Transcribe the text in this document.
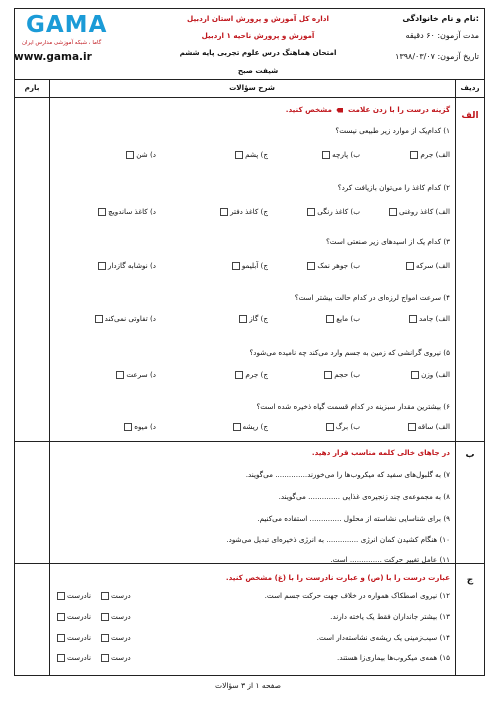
GAMA
گاما ، شبکه آموزشی مدارس ایران
www.gama.ir
اداره کل آموزش و پرورش استان اردبیل
آموزش و پرورش ناحیه ۱ اردبیل
امتحان هماهنگ درس علوم تجربی پایه ششم
شیفت صبح
نام و نام خانوادگی:
مدت آزمون: ۶۰ دقیقه
تاریخ آزمون: ۱۳۹۸/۰۳/۰۷
ردیف
شرح سؤالات
بارم
الف
گزینه درست را با زدن علامت  مشخص کنید.
۱) کدام‌یک از موارد زیر طبیعی نیست؟
الف) جرم
ب) پارچه
ج) پشم
د) شن
۲) کدام کاغذ را می‌توان بازیافت کرد؟
الف) کاغذ روغنی
ب) کاغذ رنگی
ج) کاغذ دفتر
د) کاغذ ساندویچ
۳) کدام یک از اسیدهای زیر صنعتی است؟
الف) سرکه
ب) جوهر نمک
ج) آبلیمو
د) نوشابه گازدار
۴) سرعت امواج لرزه‌ای در کدام حالت بیشتر است؟
الف) جامد
ب) مایع
ج) گاز
د) تفاوتی نمی‌کند
۵) نیروی گرانشی که زمین به جسم وارد می‌کند چه نامیده می‌شود؟
الف) وزن
ب) حجم
ج) جرم
د) سرعت
۶) بیشترین مقدار سبزینه در کدام قسمت گیاه ذخیره شده است؟
الف) ساقه
ب) برگ
ج) ریشه
د) میوه
ب
در جاهای خالی کلمه مناسب قرار دهید.
۷) به گلبول‌های سفید که میکروب‌ها را می‌خورند.............. می‌گویند.
۸) به مجموعه‌ی چند زنجیره‌ی غذایی .............. می‌گویند.
۹) برای شناسایی نشاسته از محلول .............. استفاده می‌کنیم.
۱۰) هنگام کشیدن کمان انرژی .............. به انرژی ذخیره‌ای تبدیل می‌شود.
۱۱) عامل تغییر حرکت .............. است.
ج
عبارت درست را با (ص) و عبارت نادرست را با (غ) مشخص کنید.
۱۲) نیروی اصطکاک همواره در خلاف جهت حرکت جسم است.
۱۳) بیشتر جانداران فقط یک یاخته دارند.
۱۴) سیب‌زمینی یک ریشه‌ی نشاسته‌دار است.
۱۵) همه‌ی میکروب‌ها بیماری‌زا هستند.
درست
نادرست
درست
نادرست
درست
نادرست
درست
نادرست
صفحه ۱ از ۳ سؤالات
